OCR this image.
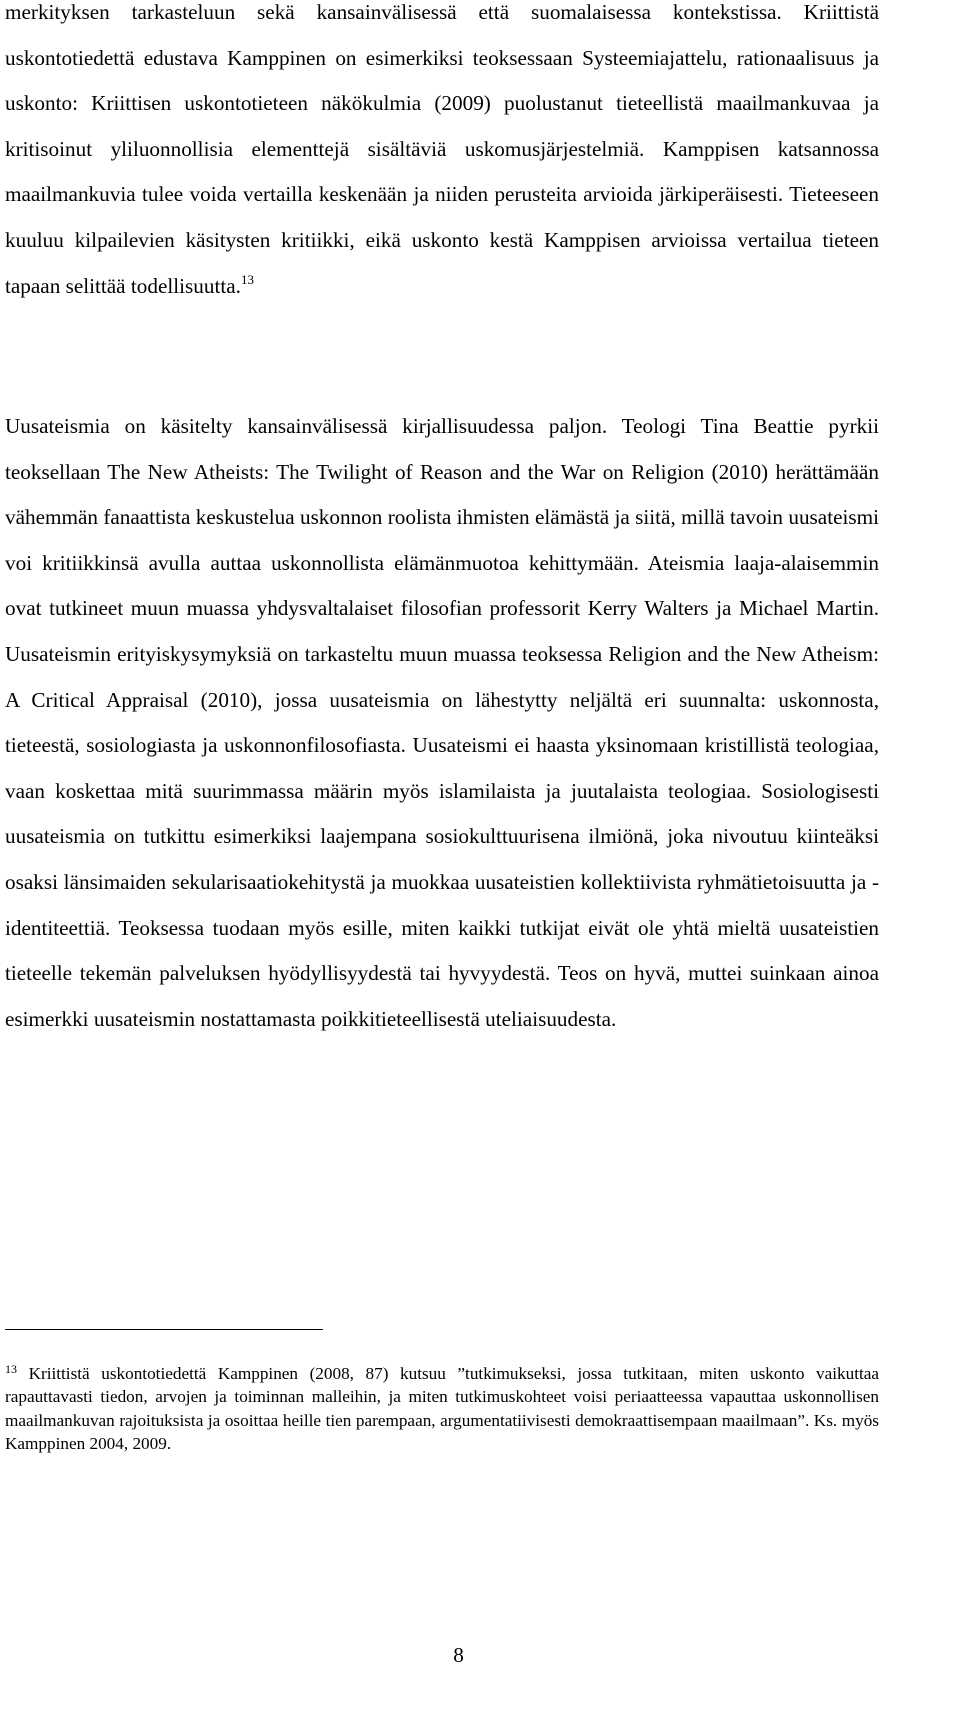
merkityksen tarkasteluun sekä kansainvälisessä että suomalaisessa kontekstissa. Kriittistä uskontotiedettä edustava Kamppinen on esimerkiksi teoksessaan Systeemiajattelu, rationaalisuus ja uskonto: Kriittisen uskontotieteen näkökulmia (2009) puolustanut tieteellistä maailmankuvaa ja kritisoinut yliluonnollisia elementtejä sisältäviä uskomusjärjestelmiä. Kamppisen katsannossa maailmankuvia tulee voida vertailla keskenään ja niiden perusteita arvioida järkiperäisesti. Tieteeseen kuuluu kilpailevien käsitysten kritiikki, eikä uskonto kestä Kamppisen arvioissa vertailua tieteen tapaan selittää todellisuutta.$^{13}$

Uusateismia on käsitelty kansainvälisessä kirjallisuudessa paljon. Teologi Tina Beattie pyrkii teoksellaan The New Atheists: The Twilight of Reason and the War on Religion (2010) herättämään vähemmän fanaattista keskustelua uskonnon roolista ihmisten elämästä ja siitä, millä tavoin uusateismi voi kritiikkinsä avulla auttaa uskonnollista elämänmuotoa kehittymään. Ateismia laaja-alaisemmin ovat tutkineet muun muassa yhdysvaltalaiset filosofian professorit Kerry Walters ja Michael Martin. Uusateismin erityiskysymyksiä on tarkasteltu muun muassa teoksessa Religion and the New Atheism: A Critical Appraisal (2010), jossa uusateismia on lähestytty neljältä eri suunnalta: uskonnosta, tieteestä, sosiologiasta ja uskonnonfilosofiasta. Uusateismi ei haasta yksinomaan kristillistä teologiaa, vaan koskettaa mitä suurimmassa määrin myös islamilaista ja juutalaista teologiaa. Sosiologisesti uusateismia on tutkittu esimerkiksi laajempana sosiokulttuurisena ilmiönä, joka nivoutuu kiinteäksi osaksi länsimaiden sekularisaatiokehitystä ja muokkaa uusateistien kollektiivista ryhmätietoisuutta ja -identiteettiä. Teoksessa tuodaan myös esille, miten kaikki tutkijat eivät ole yhtä mieltä uusateistien tieteelle tekemän palveluksen hyödyllisyydestä tai hyvyydestä. Teos on hyvä, muttei suinkaan ainoa esimerkki uusateismin nostattamasta poikkitieteellisestä uteliaisuudesta.

$^{13}$ Kriittistä uskontotiedettä Kamppinen (2008, 87) kutsuu ”tutkimukseksi, jossa tutkitaan, miten uskonto vaikuttaa rapauttavasti tiedon, arvojen ja toiminnan malleihin, ja miten tutkimuskohteet voisi periaatteessa vapauttaa uskonnollisen maailmankuvan rajoituksista ja osoittaa heille tien parempaan, argumentatiivisesti demokraattisempaan maailmaan”. Ks. myös Kamppinen 2004, 2009.

8
